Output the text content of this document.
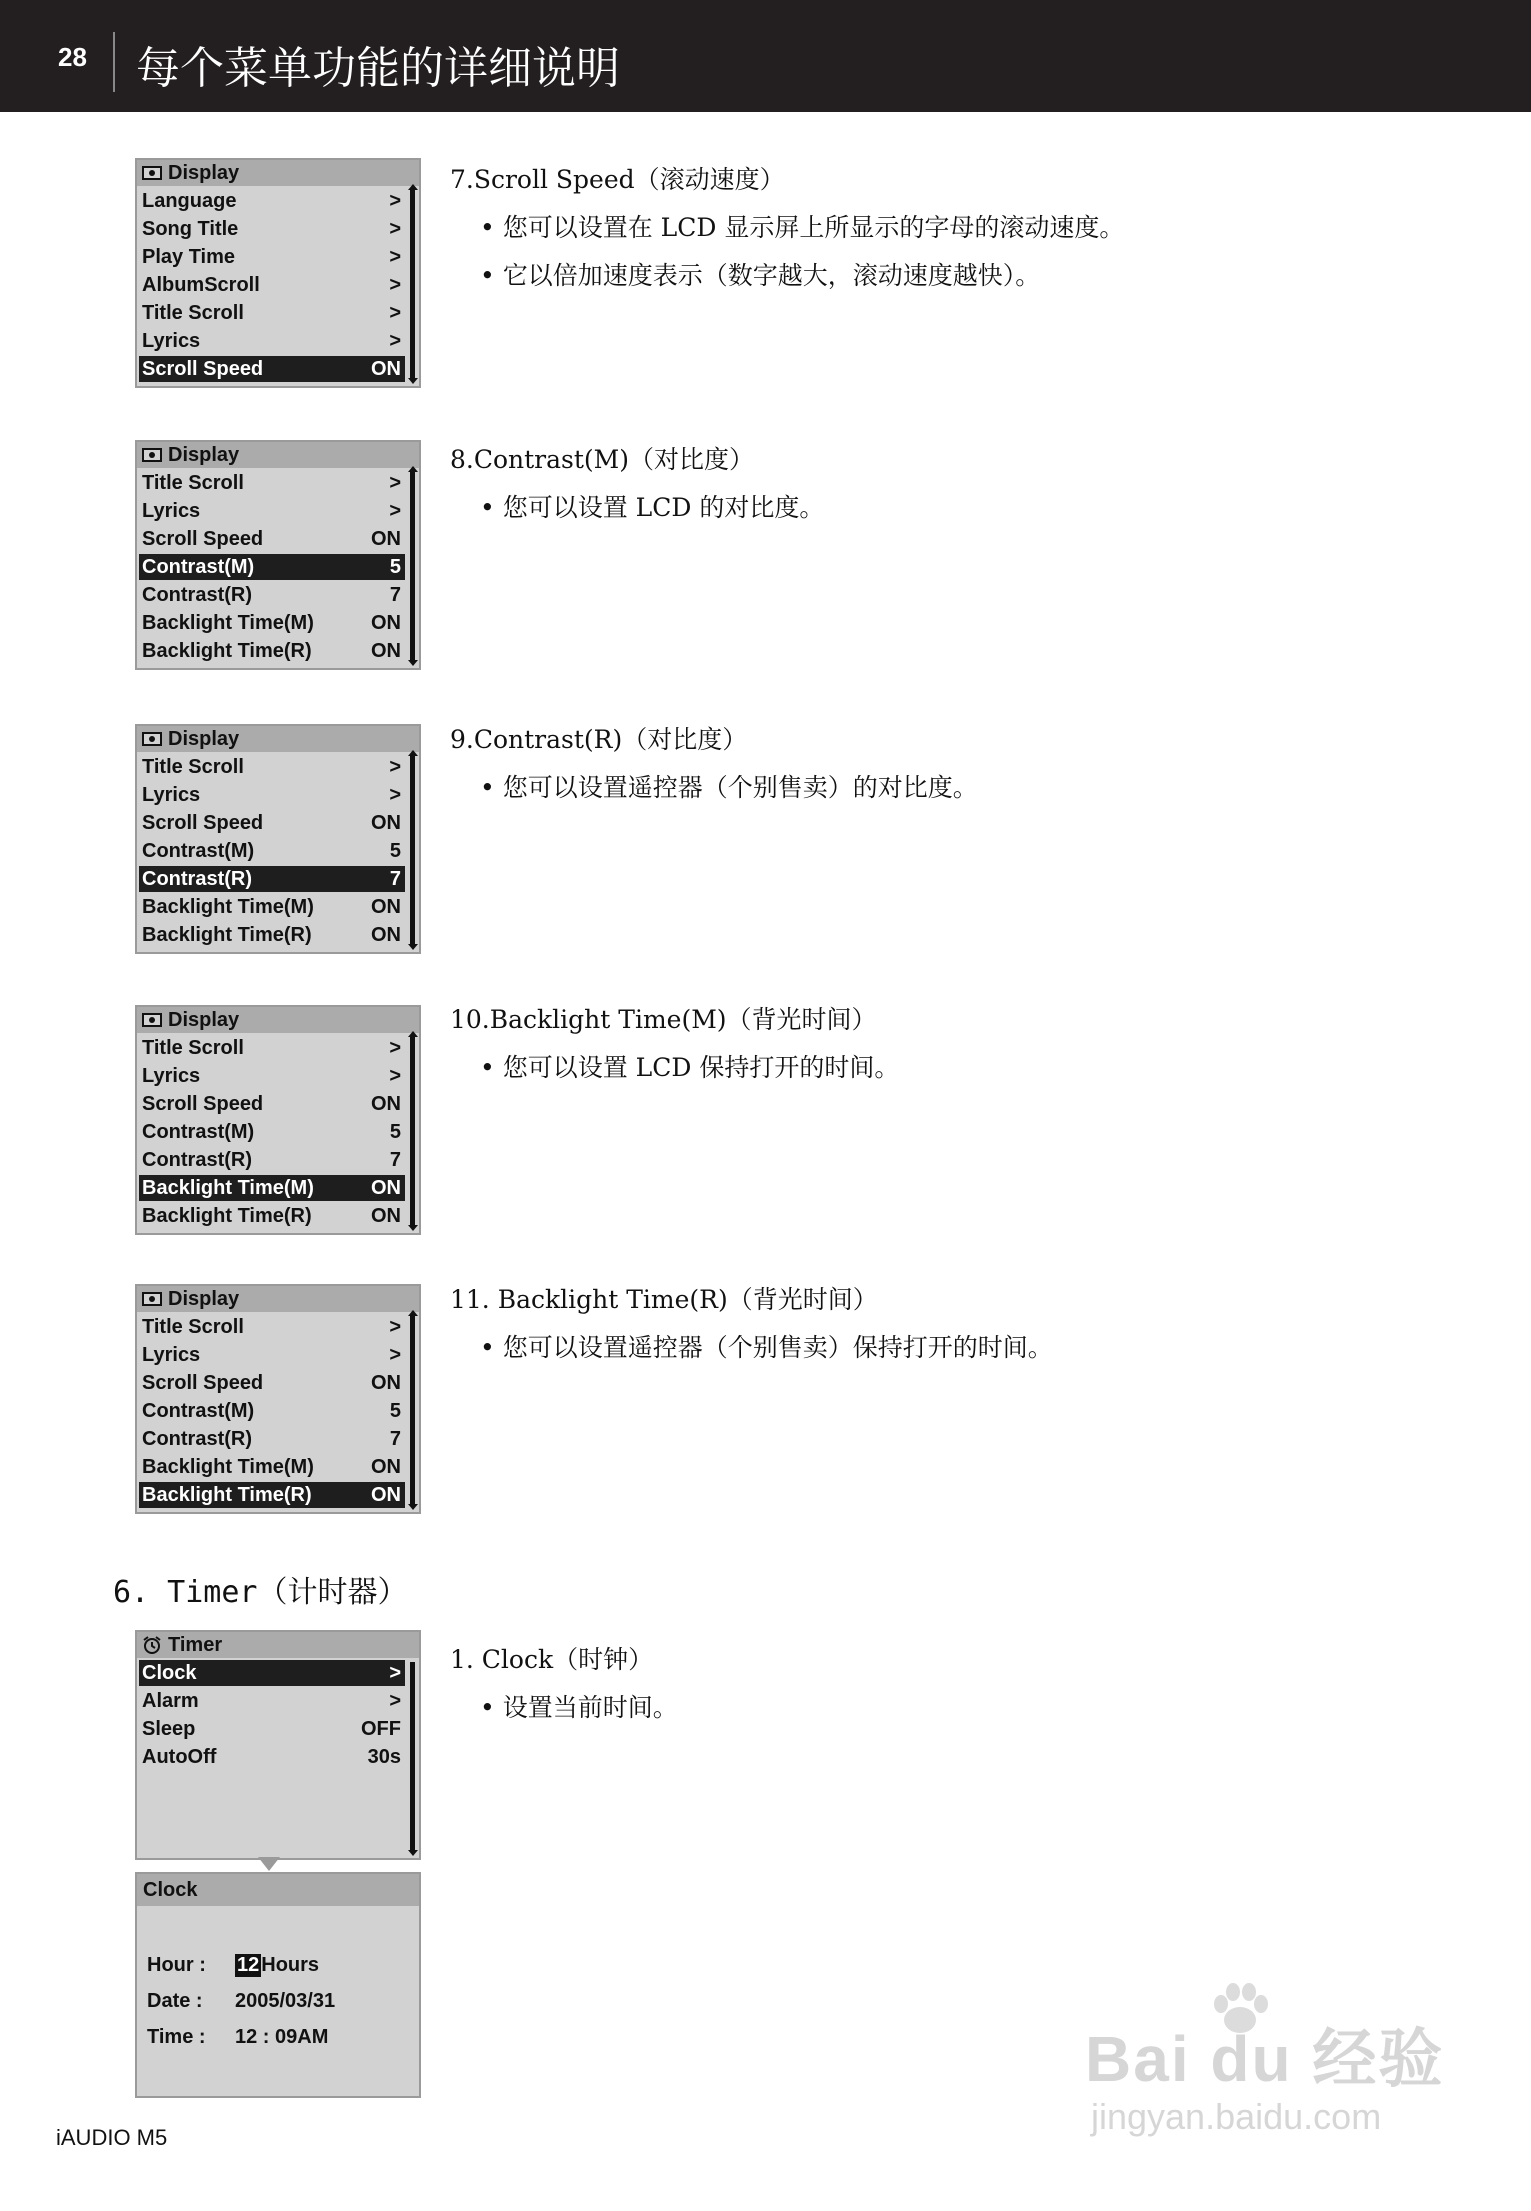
28 每个菜单功能的详细说明
Display
Language	>
Song Title	>
Play Time	>
AlbumScroll	>
Title Scroll	>
Lyrics	>
Scroll Speed	ON

7.Scroll Speed（滚动速度）

• 您可以设置在 LCD 显示屏上所显示的字母的滚动速度。

• 它以倍加速度表示（数字越大，滚动速度越快）。

Display
Title Scroll	>
Lyrics	>
Scroll Speed	ON
Contrast(M)	5
Contrast(R)	7
Backlight Time(M)	ON
Backlight Time(R)	ON

8.Contrast(M)（对比度）

• 您可以设置 LCD 的对比度。

Display
Title Scroll	>
Lyrics	>
Scroll Speed	ON
Contrast(M)	5
Contrast(R)	7
Backlight Time(M)	ON
Backlight Time(R)	ON

9.Contrast(R)（对比度）

• 您可以设置遥控器（个别售卖）的对比度。

Display
Title Scroll	>
Lyrics	>
Scroll Speed	ON
Contrast(M)	5
Contrast(R)	7
Backlight Time(M)	ON
Backlight Time(R)	ON

10.Backlight Time(M)（背光时间）

• 您可以设置 LCD 保持打开的时间。

Display
Title Scroll	>
Lyrics	>
Scroll Speed	ON
Contrast(M)	5
Contrast(R)	7
Backlight Time(M)	ON
Backlight Time(R)	ON

11. Backlight Time(R)（背光时间）

• 您可以设置遥控器（个别售卖）保持打开的时间。

6. Timer（计时器）
Timer
Clock	>
Alarm	>
Sleep	OFF
AutoOff	30s
Clock
Hour : 12 Hours
Date : 2005/03/31
Time : 12 : 09AM

1. Clock（时钟）

• 设置当前时间。

iAUDIO M5
Bai du 经验
jingyan.baidu.com
